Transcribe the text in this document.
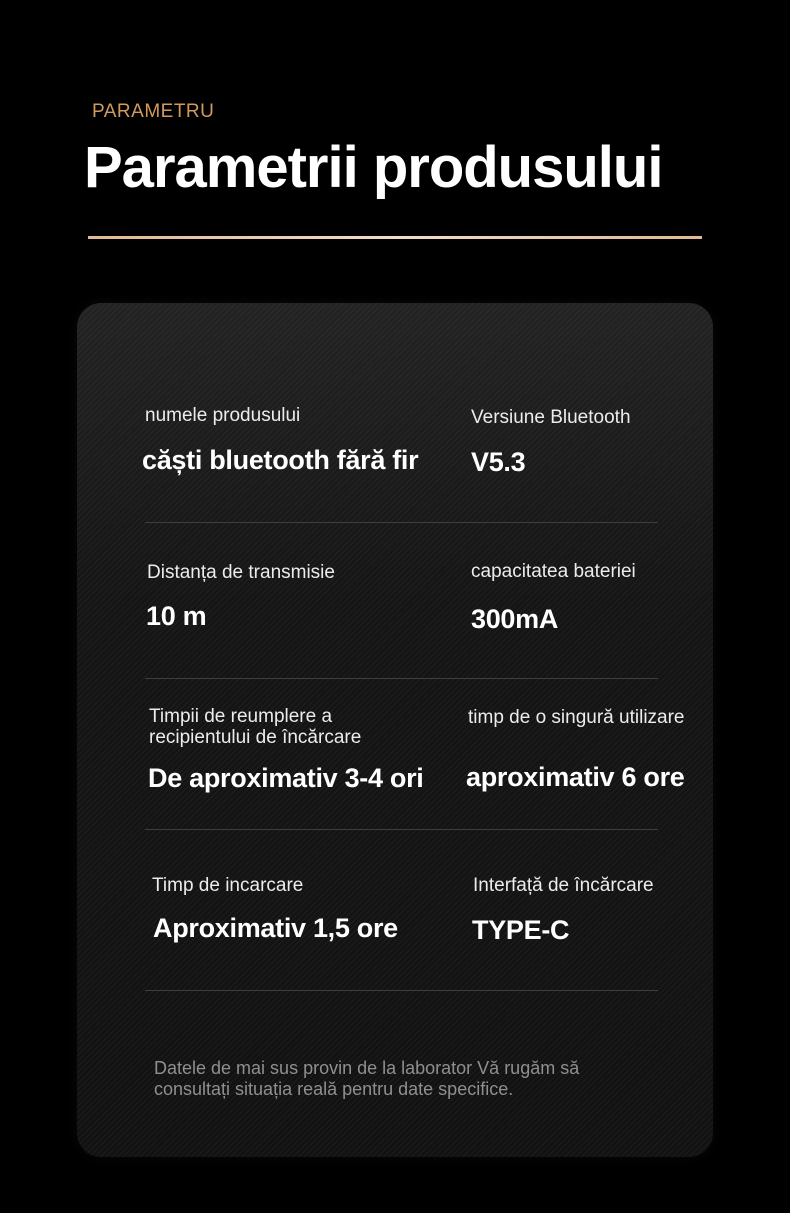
PARAMETRU
Parametrii produsului
numele produsului
căști bluetooth fără fir
Versiune Bluetooth
V5.3
Distanța de transmisie
10 m
capacitatea bateriei
300mA
Timpii de reumplere a
recipientului de încărcare
De aproximativ 3-4 ori
timp de o singură utilizare
aproximativ 6 ore
Timp de incarcare
Aproximativ 1,5 ore
Interfață de încărcare
TYPE-C
Datele de mai sus provin de la laborator Vă rugăm să
consultați situația reală pentru date specifice.
